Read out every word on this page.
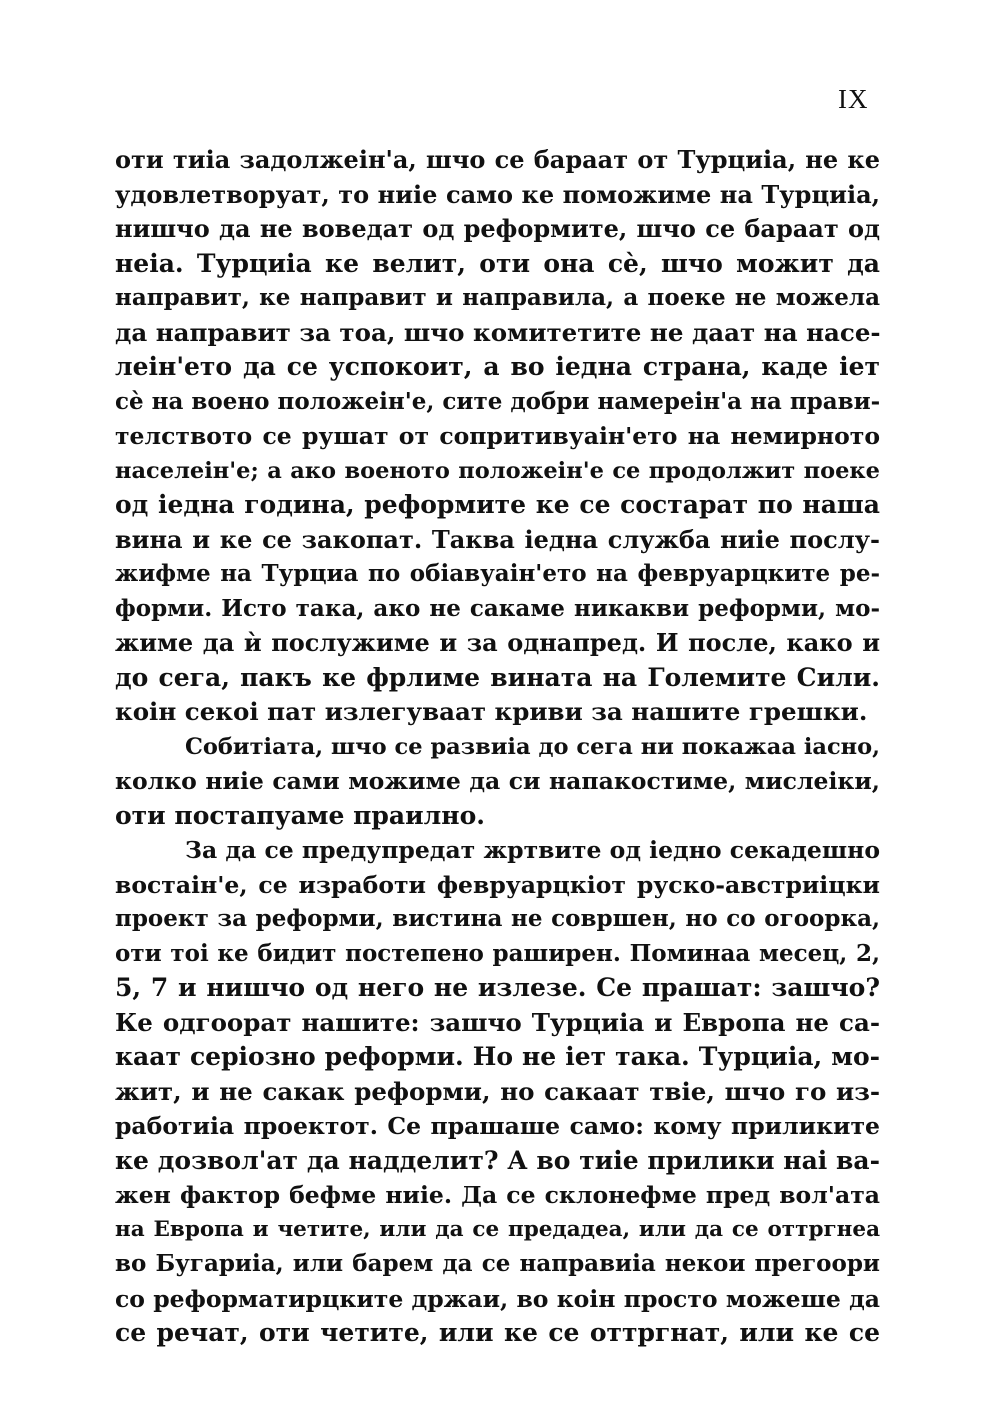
IX
оти тиіа задолжеін'а, шчо се бараат от Турциіа, не ке
удовлетворуат, то ниіе само ке поможиме на Турциіа,
нишчо да не воведат од реформите, шчо се бараат од
неіа. Турциіа ке велит, оти она сѐ, шчо можит да
направит, ке направит и направила, а поеке не можела
да направит за тоа, шчо комитетите не даат на насе-
леін'ето да се успокоит, а во іедна страна, каде іет
сѐ на воено положеін'е, сите добри намереін'а на прави-
телството се рушат от сопритивуаін'ето на немирното
населеін'е; а ако военото положеін'е се продолжит поеке
од іедна година, реформите ке се состарат по наша
вина и ке се закопат. Таква іедна служба ниіе послу-
жифме на Турциа по обіавуаін'ето на февруарцките ре-
форми. Исто така, ако не сакаме никакви реформи, мо-
жиме да ѝ послужиме и за однапред. И после, како и
до сега, пакъ ке фрлиме вината на Големите Сили.
коін секоі пат излегуваат криви за нашите грешки.
Собитіата, шчо се развиіа до сега ни покажаа іасно,
колко ниіе сами можиме да си напакостиме, мислеіки,
оти постапуаме праилно.
За да се предупредат жртвите од іедно секадешно
востаін'е, се изработи февруарцкіот руско-австриіцки
проект за реформи, вистина не совршен, но со огоорка,
оти тоі ке бидит постепено раширен. Поминаа месец, 2,
5, 7 и нишчо од него не излезе. Се прашат: зашчо?
Ке одгоорат нашите: зашчо Турциіа и Европа не са-
каат серіозно реформи. Но не іет така. Турциіа, мо-
жит, и не сакак реформи, но сакаат твіе, шчо го из-
работиіа проектот. Се прашаше само: кому приликите
ке дозвол'ат да надделит? А во тиіе прилики наі ва-
жен фактор бефме ниіе. Да се склонефме пред вол'ата
на Европа и четите, или да се предадеа, или да се оттргнеа
во Бугариіа, или барем да се направиіа некои прегоори
со реформатирцките држаи, во коін просто можеше да
се речат, оти четите, или ке се оттргнат, или ке се
